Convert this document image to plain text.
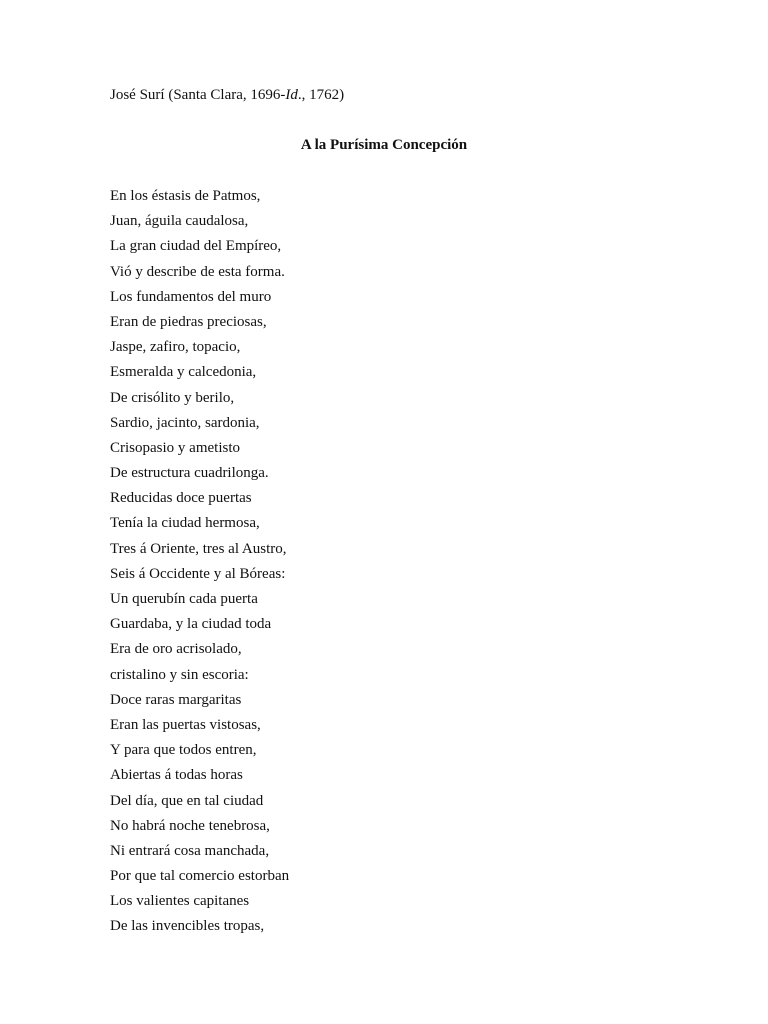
José Surí (Santa Clara, 1696-Id., 1762)
A la Purísima Concepción
En los éstasis de Patmos,
Juan, águila caudalosa,
La gran ciudad del Empíreo,
Vió y describe de esta forma.
Los fundamentos del muro
Eran de piedras preciosas,
Jaspe, zafiro, topacio,
Esmeralda y calcedonia,
De crisólito y berilo,
Sardio, jacinto, sardonia,
Crisopasio y ametisto
De estructura cuadrilonga.
Reducidas doce puertas
Tenía la ciudad hermosa,
Tres á Oriente, tres al Austro,
Seis á Occidente y al Bóreas:
Un querubín cada puerta
Guardaba, y la ciudad toda
Era de oro acrisolado,
cristalino y sin escoria:
Doce raras margaritas
Eran las puertas vistosas,
Y para que todos entren,
Abiertas á todas horas
Del día, que en tal ciudad
No habrá noche tenebrosa,
Ni entrará cosa manchada,
Por que tal comercio estorban
Los valientes capitanes
De las invencibles tropas,
